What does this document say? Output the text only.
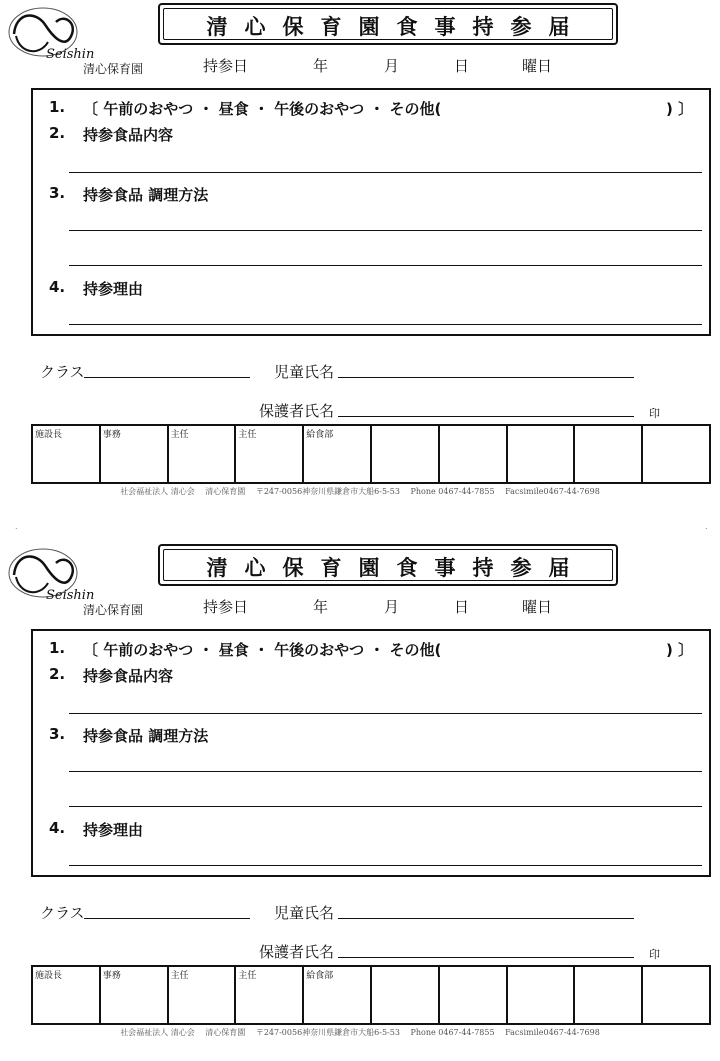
Seishin
清心保育園
清心保育園食事持参届
持参日	年	月	日	曜日
1. 〔 午前のおやつ ・ 昼食 ・ 午後のおやつ ・ その他(	) 〕
2. 持参食品内容
3. 持参食品 調理方法
4. 持参理由
クラス	児童氏名
保護者氏名	印
施設長	事務	主任	主任	給食部					
社会福祉法人 清心会 清心保育園 〒247-0056神奈川県鎌倉市大船6-5-53 Phone 0467-44-7855 Facsimile0467-44-7698
.	.
Seishin
清心保育園
清心保育園食事持参届
持参日	年	月	日	曜日
1. 〔 午前のおやつ ・ 昼食 ・ 午後のおやつ ・ その他(	) 〕
2. 持参食品内容
3. 持参食品 調理方法
4. 持参理由
クラス	児童氏名
保護者氏名	印
施設長	事務	主任	主任	給食部					
社会福祉法人 清心会 清心保育園 〒247-0056神奈川県鎌倉市大船6-5-53 Phone 0467-44-7855 Facsimile0467-44-7698
